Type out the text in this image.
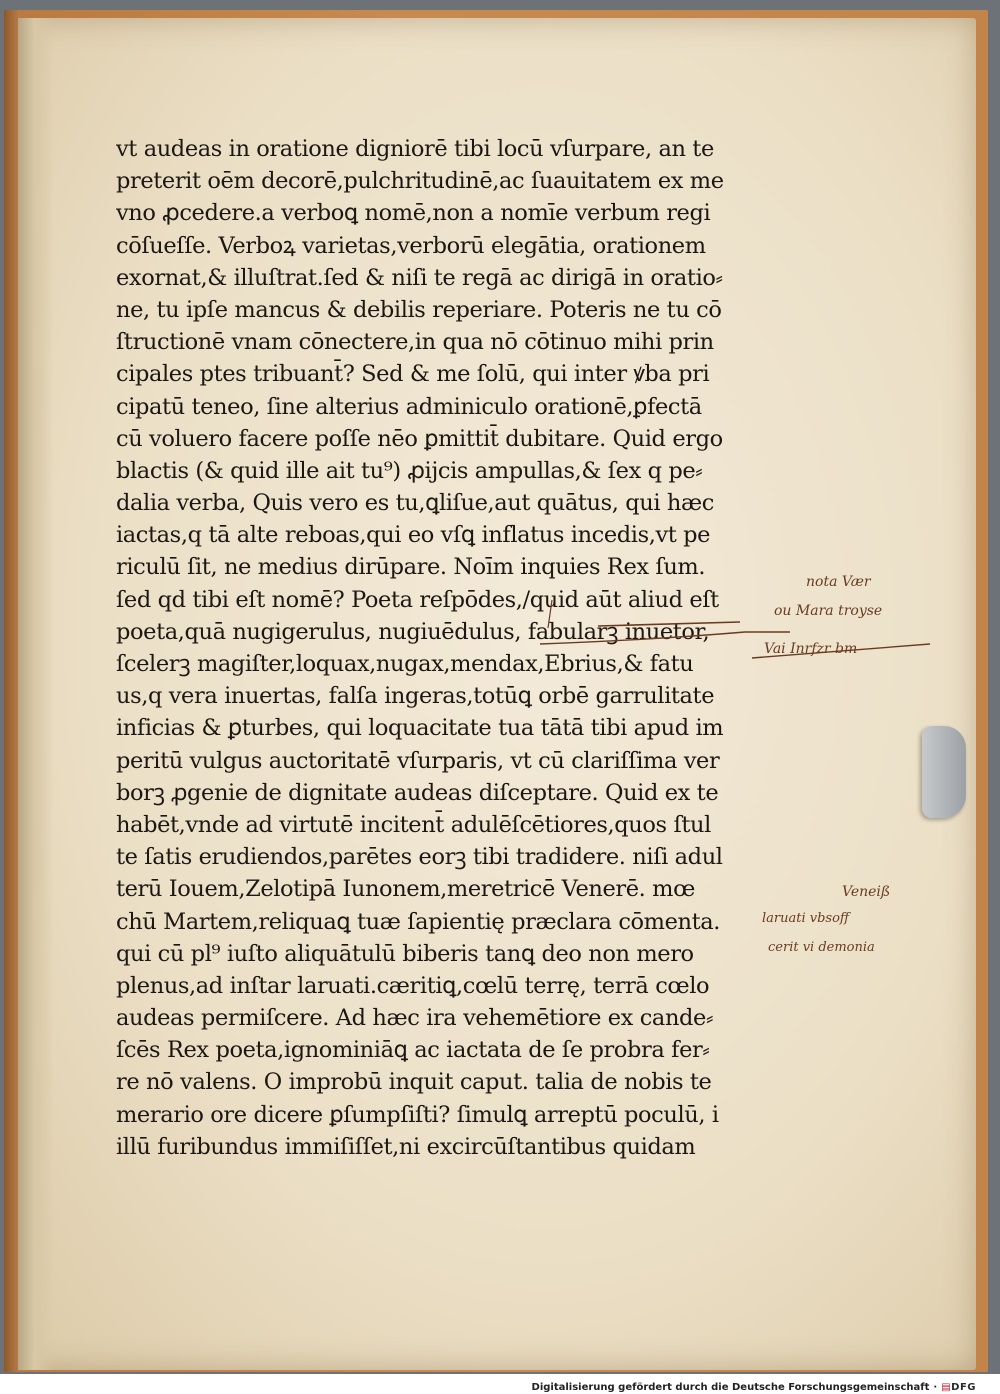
vt audeas in oratione digniorē tibi locū vſurpare, an te
preterit oēm decorē,pulchritudinē,ac ſuauitatem ex me
vno ꝓcedere.a verboꝗ nomē,non a nomīe verbum regi
cōſueſſe. Verboꝝ varietas,verborū elegātia, orationem
exornat,& illuſtrat.ſed & niſi te regā ac dirigā in oratio⸗
ne, tu ipſe mancus & debilis reperiare. Poteris ne tu cō
ſtructionē vnam cōnectere,in qua nō cōtinuo mihi prin
cipales ptes tribuant̄? Sed & me ſolū, qui inter ꝟba pri
cipatū teneo, ſine alterius adminiculo orationē,ꝑfectā
cū voluero facere poſſe nēo ꝑmittit̄ dubitare. Quid ergo
blactis (& quid ille ait tu⁹) ꝓijcis ampullas,& ſex q pe⸗
dalia verba, Quis vero es tu,ꝗliſue,aut quātus, qui hæc
iactas,q tā alte reboas,qui eo vſꝗ inflatus incedis,vt pe
riculū ſit, ne medius dirūpare. Noīm inquies Rex ſum.
ſed qd tibi eſt nomē? Poeta reſpōdes,/quid aūt aliud eſt
poeta,quā nugigerulus, nugiuēdulus, fabularꝫ inuetor,
ſcelerꝫ magiſter,loquax,nugax,mendax,Ebrius,& fatu
us,q vera inuertas, falſa ingeras,totūꝗ orbē garrulitate
inficias & ꝑturbes, qui loquacitate tua tātā tibi apud im
peritū vulgus auctoritatē vſurparis, vt cū clariſſima ver
borꝫ ꝓgenie de dignitate audeas diſceptare. Quid ex te
habēt,vnde ad virtutē incitent̄ adulēſcētiores,quos ſtul
te ſatis erudiendos,parētes eorꝫ tibi tradidere. niſi adul
terū Iouem,Zelotipā Iunonem,meretricē Venerē. mœ
chū Martem,reliquaꝗ tuæ ſapientię præclara cōmenta.
qui cū pl⁹ iuſto aliquātulū biberis tanꝗ deo non mero
plenus,ad inſtar laruati.cæritiꝗ,cœlū terrę, terrā cœlo
audeas permiſcere. Ad hæc ira vehemētiore ex cande⸗
ſcēs Rex poeta,ignominiāꝗ ac iactata de ſe probra fer⸗
re nō valens. O improbū inquit caput. talia de nobis te
merario ore dicere ꝑſumpſiſti? ſimulꝗ arreptū poculū, i
illū furibundus immiſiſſet,ni excircūſtantibus quidam
nota Vær
ou Mara troyse
Vai Inrfzr bm
Veneiß
laruati vbsoff
cerit vi demonia
Digitalisierung gefördert durch die Deutsche Forschungsgemeinschaft · ▤DFG
